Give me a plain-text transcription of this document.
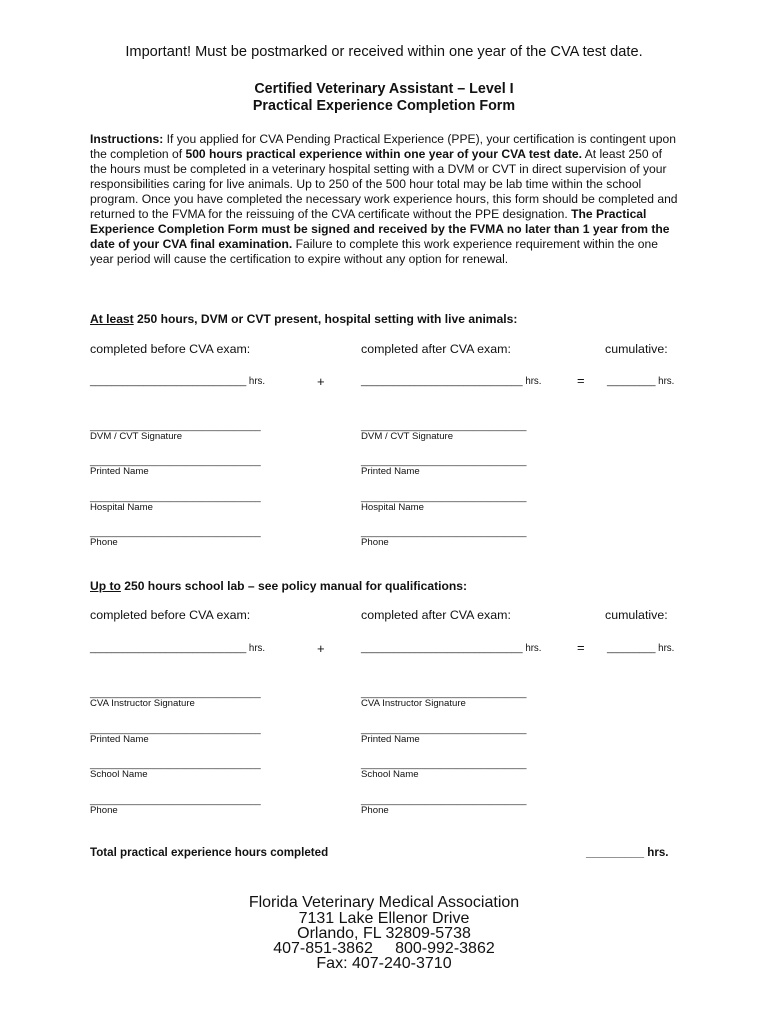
Important! Must be postmarked or received within one year of the CVA test date.
Certified Veterinary Assistant – Level I
Practical Experience Completion Form
Instructions: If you applied for CVA Pending Practical Experience (PPE), your certification is contingent upon the completion of 500 hours practical experience within one year of your CVA test date. At least 250 of the hours must be completed in a veterinary hospital setting with a DVM or CVT in direct supervision of your responsibilities caring for live animals. Up to 250 of the 500 hour total may be lab time within the school program. Once you have completed the necessary work experience hours, this form should be completed and returned to the FVMA for the reissuing of the CVA certificate without the PPE designation. The Practical Experience Completion Form must be signed and received by the FVMA no later than 1 year from the date of your CVA final examination. Failure to complete this work experience requirement within the one year period will cause the certification to expire without any option for renewal.
At least 250 hours, DVM or CVT present, hospital setting with live animals:
completed before CVA exam:	completed after CVA exam:	cumulative:
_____________________________ hrs.	+	______________________________ hrs.	= _________ hrs.
________________________________
DVM / CVT Signature
_______________________________
DVM / CVT Signature
________________________________
Printed Name
_______________________________
Printed Name
________________________________
Hospital Name
_______________________________
Hospital Name
________________________________
Phone
_______________________________
Phone
Up to 250 hours school lab – see policy manual for qualifications:
completed before CVA exam:	completed after CVA exam:	cumulative:
_____________________________ hrs.	+	______________________________ hrs.	= _________ hrs.
________________________________
CVA Instructor Signature
_______________________________
CVA Instructor Signature
________________________________
Printed Name
_______________________________
Printed Name
________________________________
School Name
_______________________________
School Name
________________________________
Phone
_______________________________
Phone
Total practical experience hours completed	_________ hrs.
Florida Veterinary Medical Association
7131 Lake Ellenor Drive
Orlando, FL 32809-5738
407-851-3862     800-992-3862
Fax: 407-240-3710
